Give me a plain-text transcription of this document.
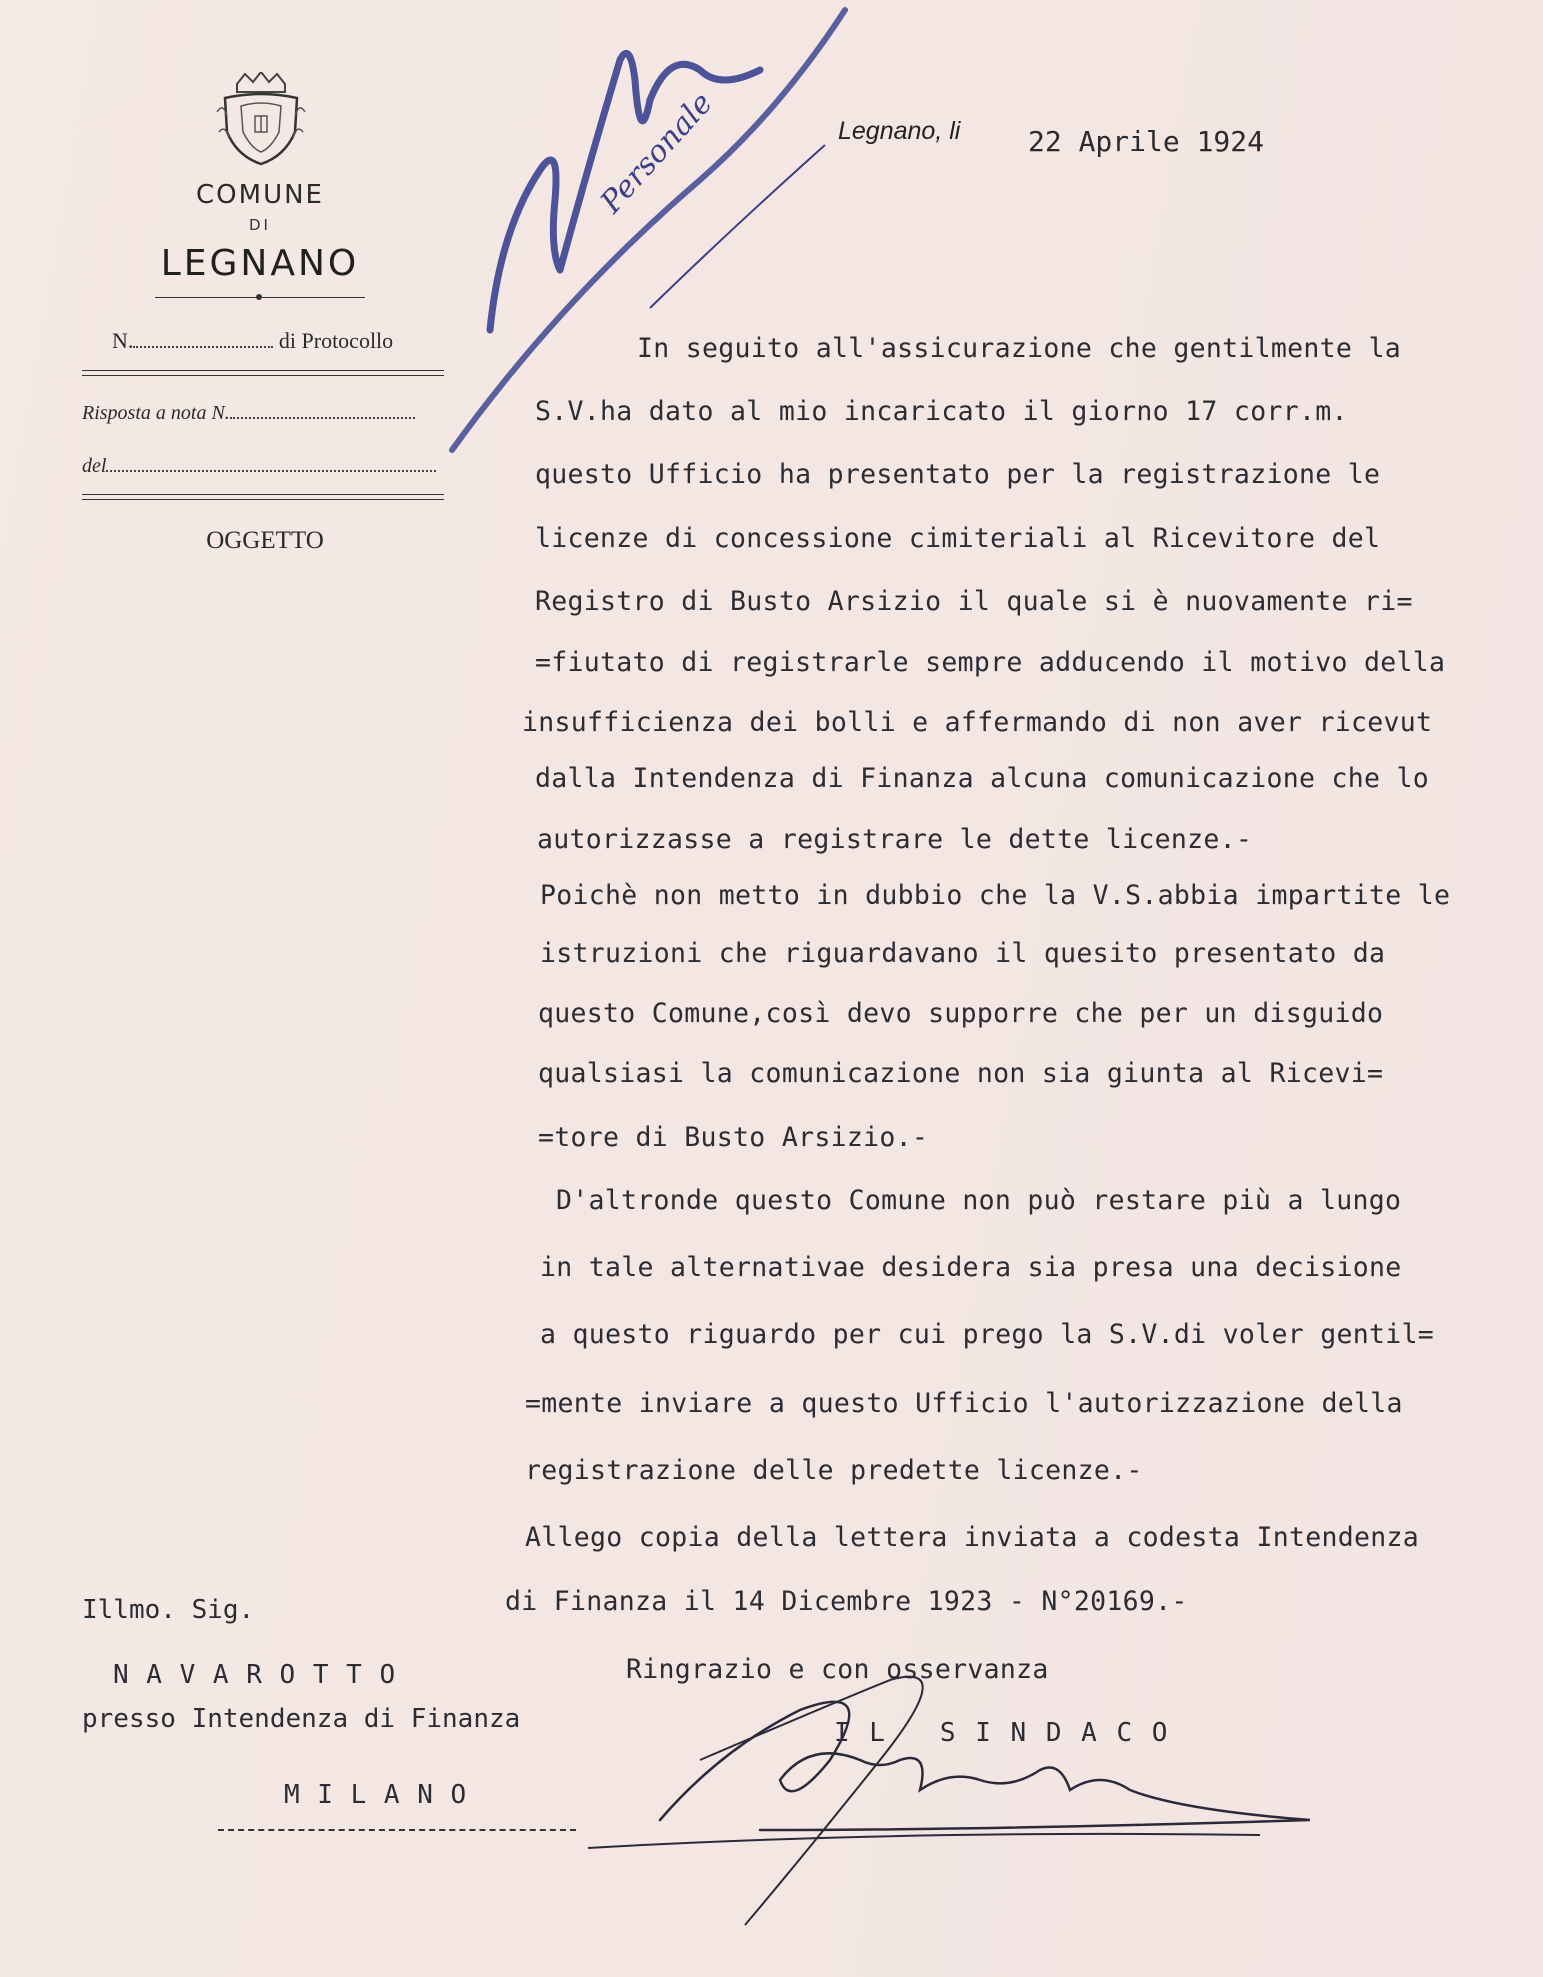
COMUNE
DI
LEGNANO
N.	di Protocollo
Risposta a nota N.
del
OGGETTO
Legnano, li 22 Aprile 1924
Personale
In seguito all'assicurazione che gentilmente la
S.V.ha dato al mio incaricato il giorno 17 corr.m.
questo Ufficio ha presentato per la registrazione le
licenze di concessione cimiteriali al Ricevitore del
Registro di Busto Arsizio il quale si è nuovamente ri=
=fiutato di registrarle sempre adducendo il motivo della
insufficienza dei bolli e affermando di non aver ricevut
dalla Intendenza di Finanza alcuna comunicazione che lo
autorizzasse a registrare le dette licenze.-
Poichè non metto in dubbio che la V.S.abbia impartite le
istruzioni che riguardavano il quesito presentato da
questo Comune,così devo supporre che per un disguido
qualsiasi la comunicazione non sia giunta al Ricevi=
=tore di Busto Arsizio.-
D'altronde questo Comune non può restare più a lungo
in tale alternativae desidera sia presa una decisione
a questo riguardo per cui prego la S.V.di voler gentil=
=mente inviare a questo Ufficio l'autorizzazione della
registrazione delle predette licenze.-
Allego copia della lettera inviata a codesta Intendenza
di Finanza il 14 Dicembre 1923 - N°20169.-
Ringrazio e con osservanza
Illmo. Sig.
N A V A R O T T O
presso Intendenza di Finanza
M I L A N O
I L   S I N D A C O
